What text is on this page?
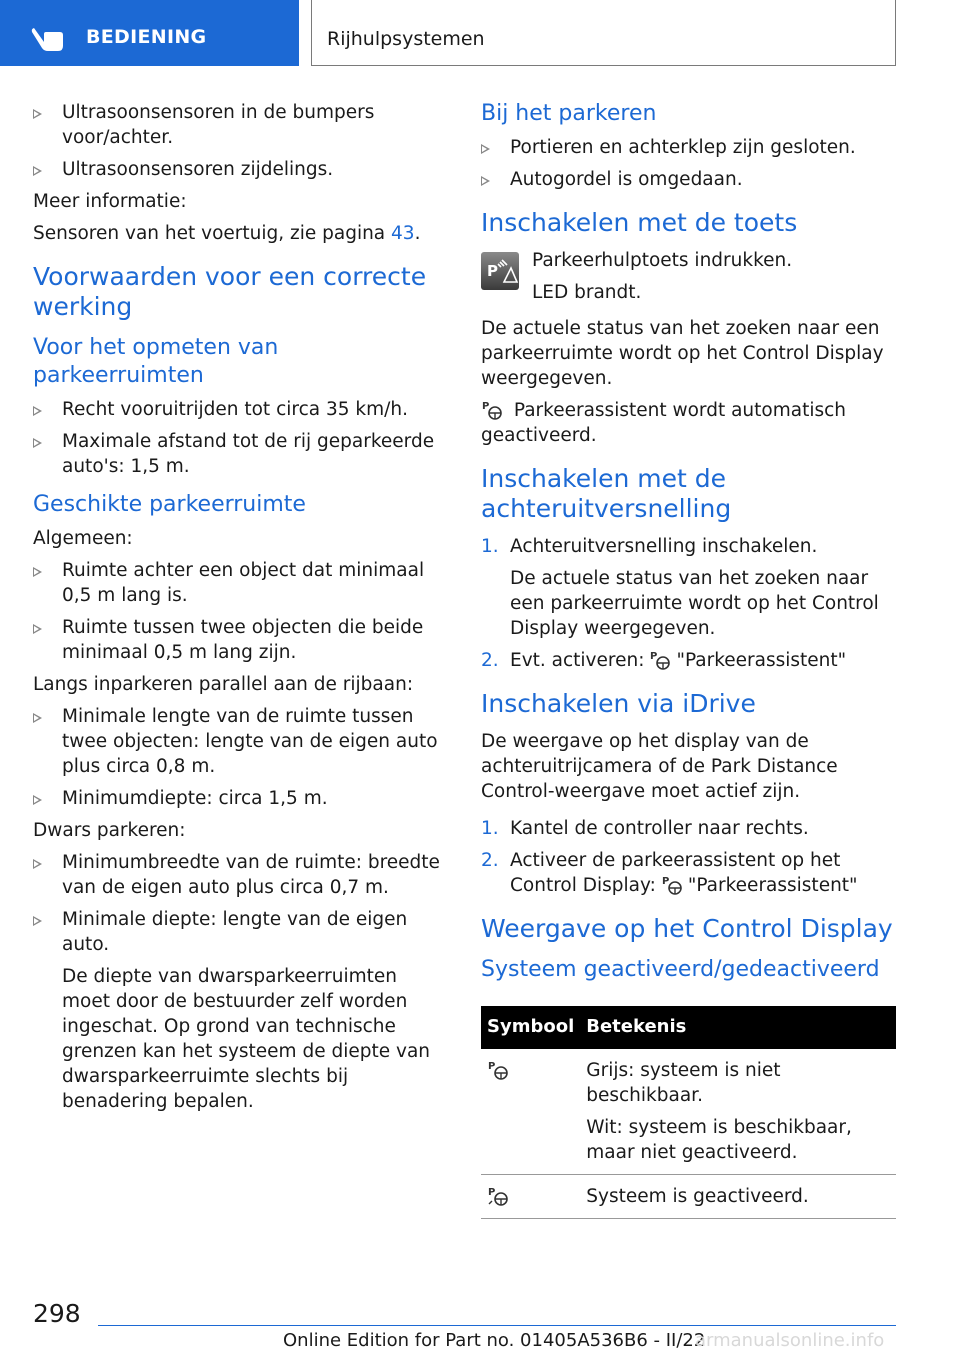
BEDIENING	Rijhulpsystemen
Ultrasoonsensoren in de bumpers voor/achter.
Ultrasoonsensoren zijdelings.
Meer informatie:
Sensoren van het voertuig, zie pagina 43.
Voorwaarden voor een correcte werking
Voor het opmeten van parkeerruimten
Recht vooruitrijden tot circa 35 km/h.
Maximale afstand tot de rij geparkeerde auto's: 1,5 m.
Geschikte parkeerruimte
Algemeen:
Ruimte achter een object dat minimaal 0,5 m lang is.
Ruimte tussen twee objecten die beide minimaal 0,5 m lang zijn.
Langs inparkeren parallel aan de rijbaan:
Minimale lengte van de ruimte tussen twee objecten: lengte van de eigen auto plus circa 0,8 m.
Minimumdiepte: circa 1,5 m.
Dwars parkeren:
Minimumbreedte van de ruimte: breedte van de eigen auto plus circa 0,7 m.
Minimale diepte: lengte van de eigen auto.
De diepte van dwarsparkeerruimten moet door de bestuurder zelf worden ingeschat. Op grond van technische grenzen kan het systeem de diepte van dwarsparkeerruimte slechts bij benadering bepalen.
Bij het parkeren
Portieren en achterklep zijn gesloten.
Autogordel is omgedaan.
Inschakelen met de toets
P Parkeerhulptoets indrukken.
LED brandt.
De actuele status van het zoeken naar een parkeerruimte wordt op het Control Display weergegeven.
P Parkeerassistent wordt automatisch geactiveerd.
Inschakelen met de achteruitversnelling
1. Achteruitversnelling inschakelen.
De actuele status van het zoeken naar een parkeerruimte wordt op het Control Display weergegeven.
2. Evt. activeren: P "Parkeerassistent"
Inschakelen via iDrive
De weergave op het display van de achteruitrijcamera of de Park Distance Control-weergave moet actief zijn.
1. Kantel de controller naar rechts.
2. Activeer de parkeerassistent op het Control Display: P "Parkeerassistent"
Weergave op het Control Display
Systeem geactiveerd/gedeactiveerd
Symbool	Betekenis

P	Grijs: systeem is niet beschikbaar.

Wit: systeem is beschikbaar, maar niet geactiveerd.

P	Systeem is geactiveerd.
298
Online Edition for Part no. 01405A536B6 - II/22
armanualsonline.info
